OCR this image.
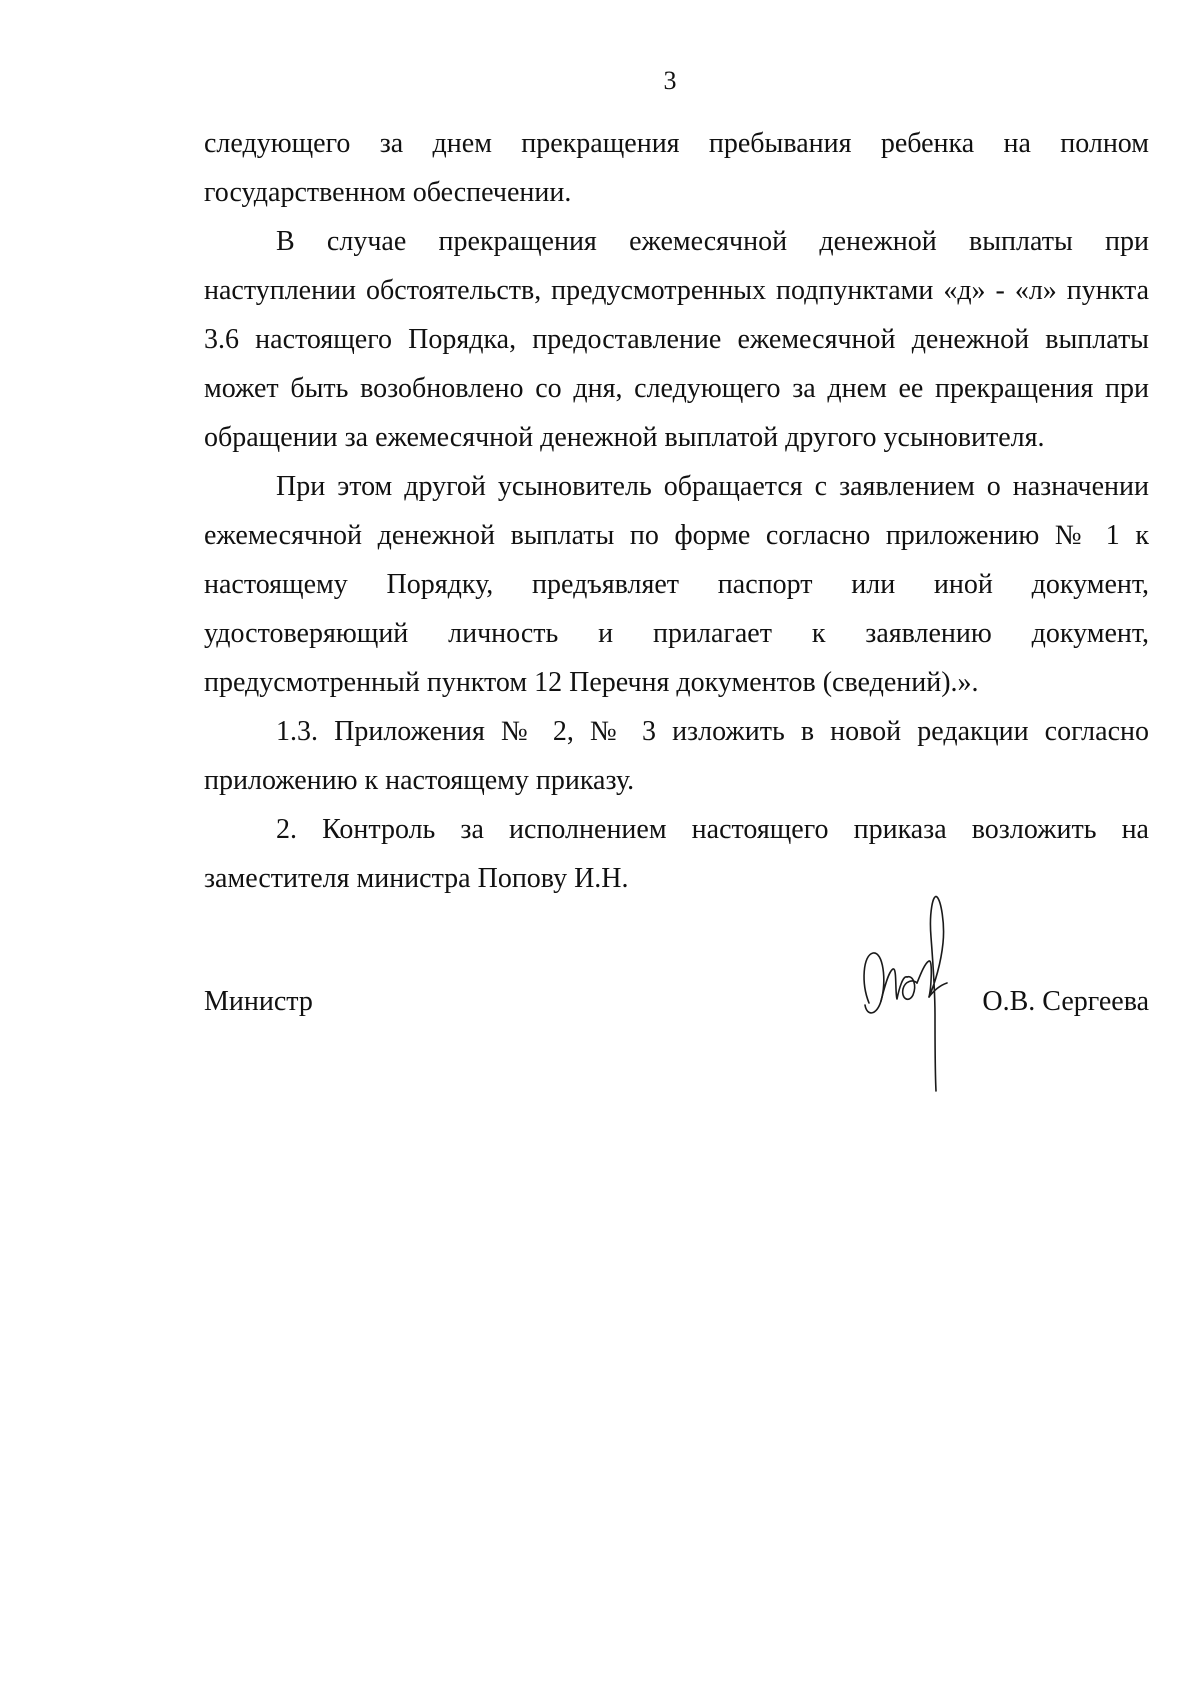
3

следующего за днем прекращения пребывания ребенка на полном государственном обеспечении.

В случае прекращения ежемесячной денежной выплаты при наступлении обстоятельств, предусмотренных подпунктами «д» - «л» пункта 3.6 настоящего Порядка, предоставление ежемесячной денежной выплаты может быть возобновлено со дня, следующего за днем ее прекращения при обращении за ежемесячной денежной выплатой другого усыновителя.

При этом другой усыновитель обращается с заявлением о назначении ежемесячной денежной выплаты по форме согласно приложению № 1 к настоящему Порядку, предъявляет паспорт или иной документ, удостоверяющий личность и прилагает к заявлению документ, предусмотренный пунктом 12 Перечня документов (сведений).».

1.3. Приложения № 2, № 3 изложить в новой редакции согласно приложению к настоящему приказу.

2. Контроль за исполнением настоящего приказа возложить на заместителя министра Попову И.Н.

Министр	О.В. Сергеева
